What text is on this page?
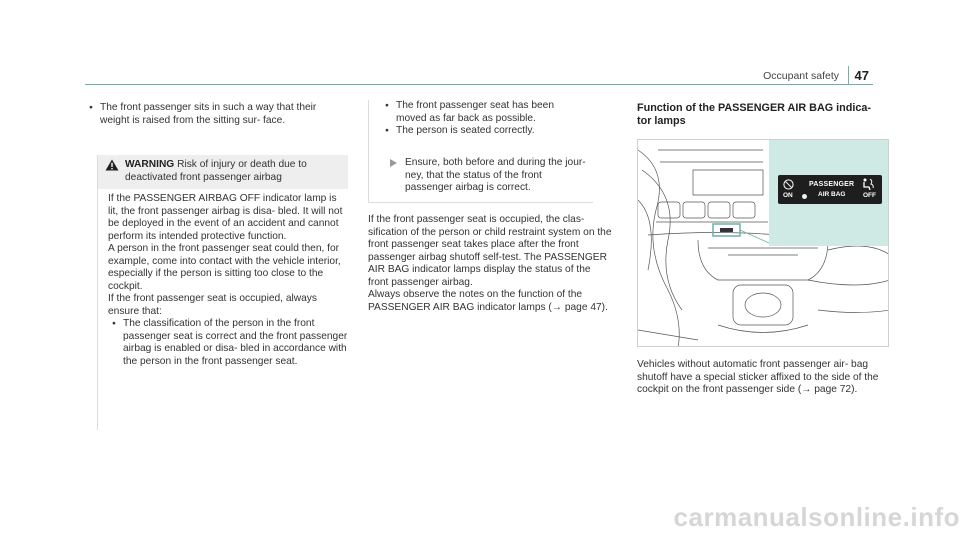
Occupant safety 47
● The front passenger sits in such a way that their weight is raised from the sitting sur- face.
WARNING Risk of injury or death due to deactivated front passenger airbag

If the PASSENGER AIRBAG OFF indicator lamp is lit, the front passenger airbag is disa- bled. It will not be deployed in the event of an accident and cannot perform its intended protective function.

A person in the front passenger seat could then, for example, come into contact with the vehicle interior, especially if the person is sitting too close to the cockpit.

If the front passenger seat is occupied, always ensure that:

● The classification of the person in the front passenger seat is correct and the front passenger airbag is enabled or disa- bled in accordance with the person in the front passenger seat.
● The front passenger seat has been moved as far back as possible.
● The person is seated correctly.
Ensure, both before and during the jour- ney, that the status of the front passenger airbag is correct.

If the front passenger seat is occupied, the clas- sification of the person or child restraint system on the front passenger seat takes place after the front passenger airbag shutoff self-test. The PASSENGER AIR BAG indicator lamps display the status of the front passenger airbag.

Always observe the notes on the function of the PASSENGER AIR BAG indicator lamps (→ page 47).

Function of the PASSENGER AIR BAG indica- tor lamps
ON
PASSENGER
AIR BAG	OFF
Vehicles without automatic front passenger air- bag shutoff have a special sticker affixed to the side of the cockpit on the front passenger side (→ page 72).
carmanualsonline.info
